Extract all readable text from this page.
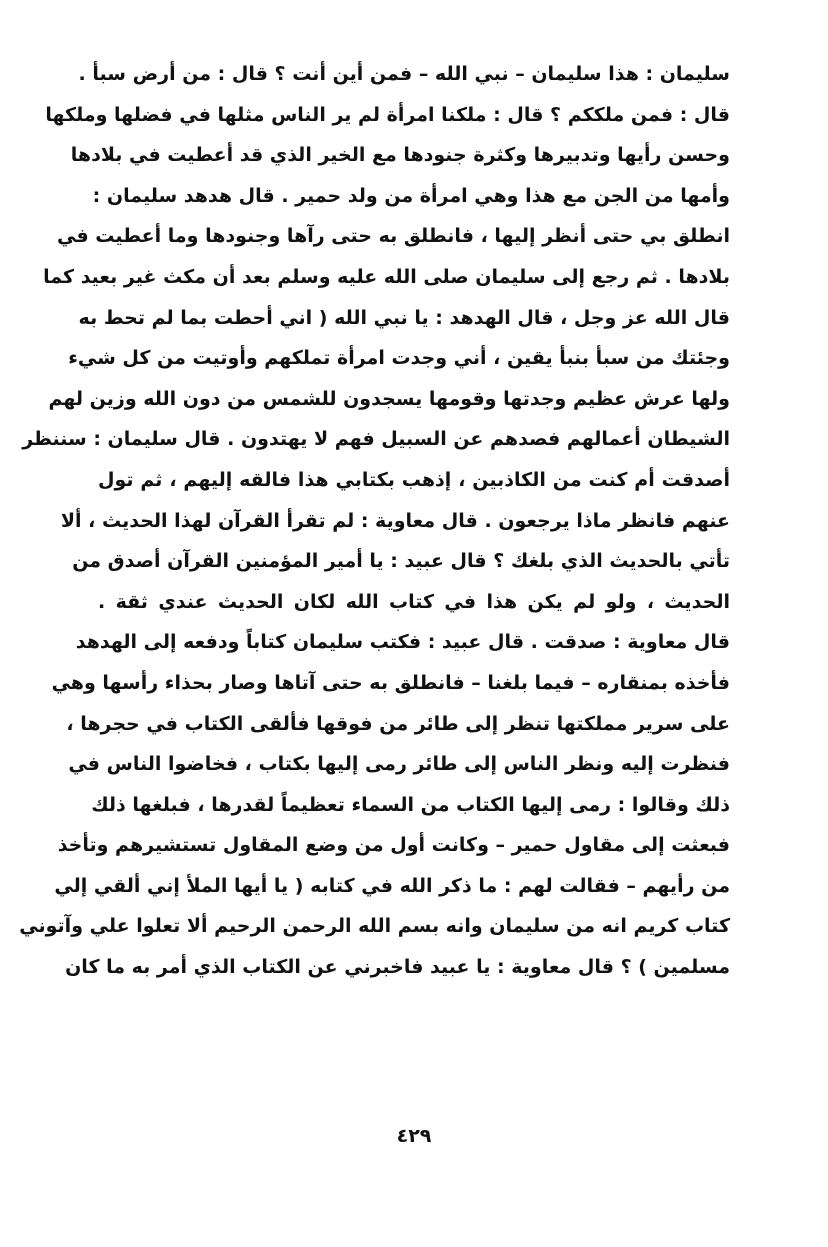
سليمان : هذا سليمان – نبي الله – فمن أين أنت ؟ قال : من أرض سبأ .
قال : فمن ملككم ؟ قال : ملكنا امرأة لم ير الناس مثلها في فضلها وملكها
وحسن رأيها وتدبيرها وكثرة جنودها مع الخير الذي قد أعطيت في بلادها
وأمها من الجن مع هذا وهي امرأة من ولد حمير . قال هدهد سليمان :
انطلق بي حتى أنظر إليها ، فانطلق به حتى رآها وجنودها وما أعطيت في
بلادها . ثم رجع إلى سليمان صلى الله عليه وسلم بعد أن مكث غير بعيد كما
قال الله عز وجل ، قال الهدهد : يا نبي الله ( اني أحطت بما لم تحط به
وجئتك من سبأ بنبأ يقين ، أني وجدت امرأة تملكهم وأوتيت من كل شيء
ولها عرش عظيم وجدتها وقومها يسجدون للشمس من دون الله وزين لهم
الشيطان أعمالهم فصدهم عن السبيل فهم لا يهتدون . قال سليمان : سننظر
أصدقت أم كنت من الكاذبين ، إذهب بكتابي هذا فالقه إليهم ، ثم تول
عنهم فانظر ماذا يرجعون . قال معاوية : لم تقرأ القرآن لهذا الحديث ، ألا
تأتي بالحديث الذي بلغك ؟ قال عبيد : يا أمير المؤمنين القرآن أصدق من
الحديث ، ولو لم يكن هذا في كتاب الله لكان الحديث عندي ثقة .
قال معاوية : صدقت . قال عبيد : فكتب سليمان كتاباً ودفعه إلى الهدهد
فأخذه بمنقاره – فيما بلغنا – فانطلق به حتى آتاها وصار بحذاء رأسها وهي
على سرير مملكتها تنظر إلى طائر من فوقها فألقى الكتاب في حجرها ،
فنظرت إليه ونظر الناس إلى طائر رمى إليها بكتاب ، فخاضوا الناس في
ذلك وقالوا : رمى إليها الكتاب من السماء تعظيماً لقدرها ، فبلغها ذلك
فبعثت إلى مقاول حمير – وكانت أول من وضع المقاول تستشيرهم وتأخذ
من رأيهم – فقالت لهم : ما ذكر الله في كتابه ( يا أيها الملأ إني ألقي إلي
كتاب كريم انه من سليمان وانه بسم الله الرحمن الرحيم ألا تعلوا علي وآتوني
مسلمين ) ؟ قال معاوية : يا عبيد فاخبرني عن الكتاب الذي أمر به ما كان
٤٢٩
